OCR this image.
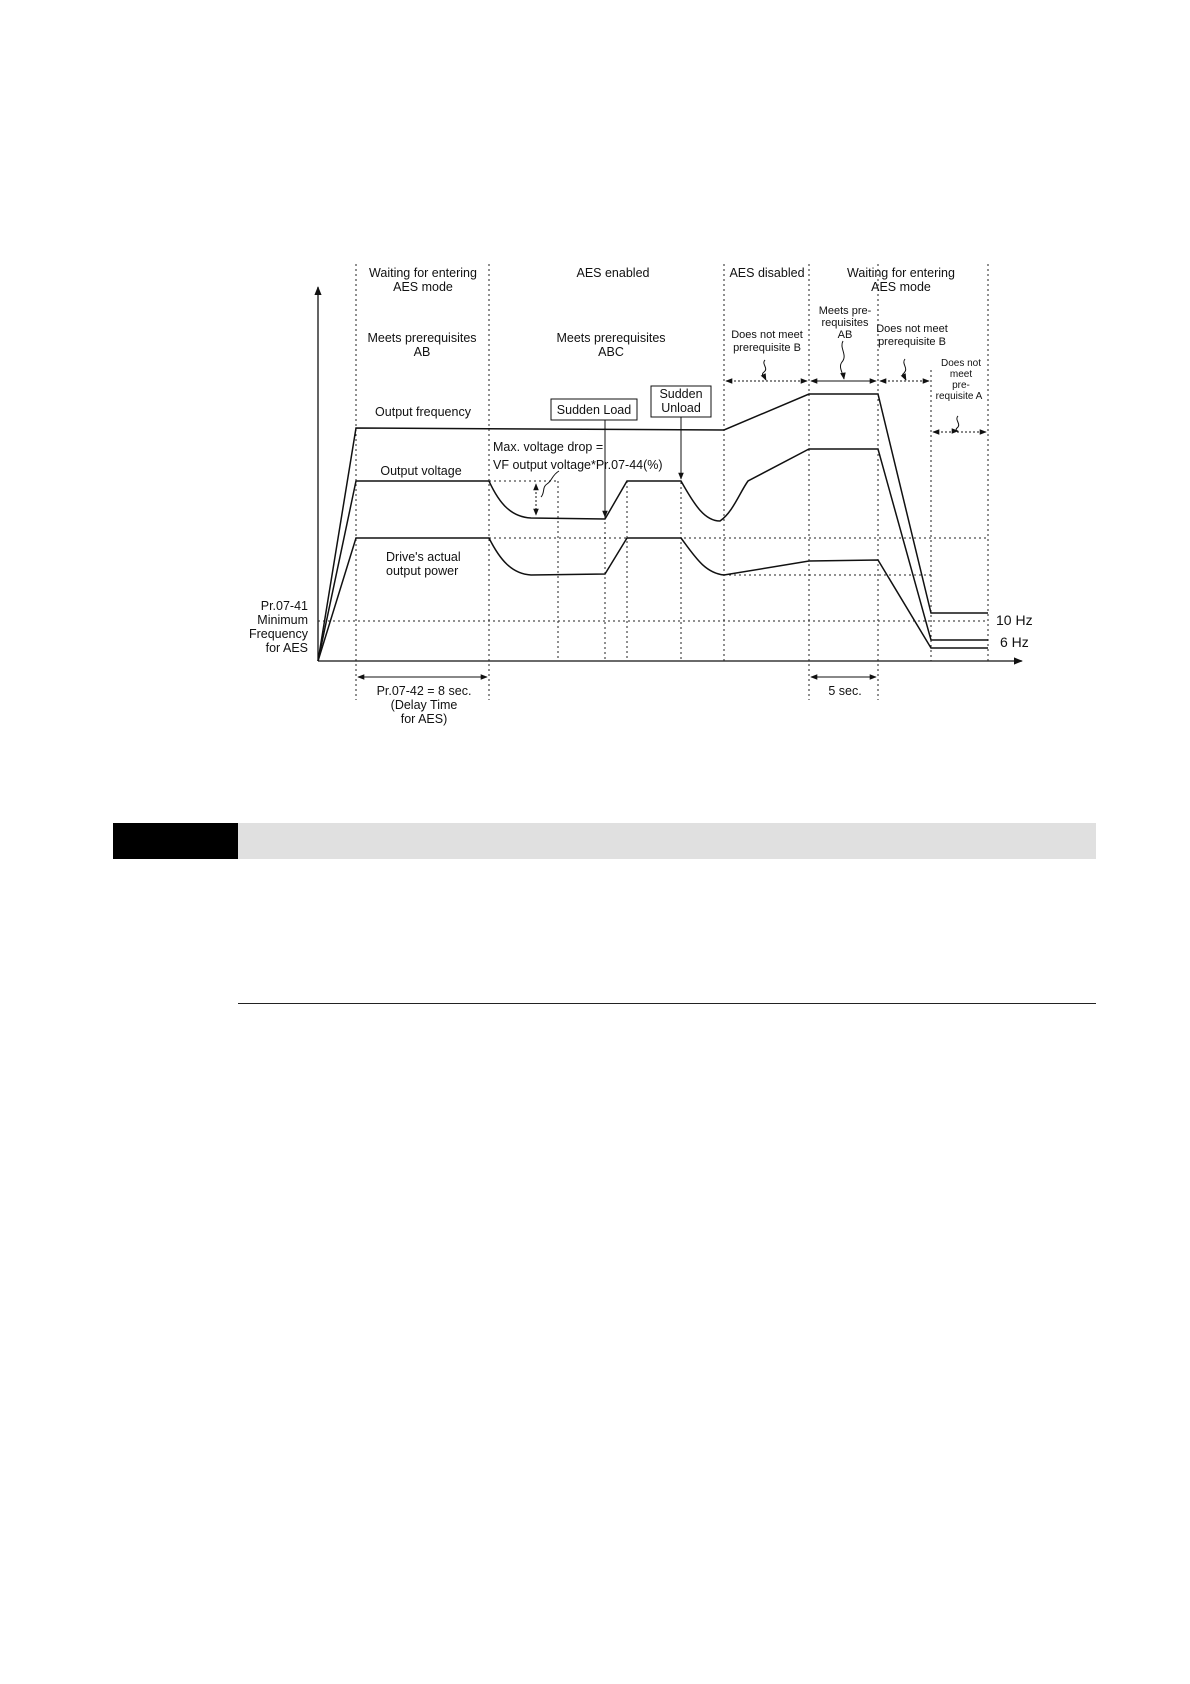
Waiting for entering
AES mode
AES enabled	AES disabled	Waiting for entering
AES mode
Meets prerequisites
AB
Meets prerequisites
ABC
Does not meet
prerequisite B
Meets pre-
requisites
AB Does not meet
prerequisite B
Does not
meet
pre-
requisite A
Output frequency
Output voltage
Drive's actual
output power
Sudden Load
Sudden
Unload
Max. voltage drop =
VF output voltage*Pr.07-44(%)
Pr.07-41
Minimum
Frequency
for AES
10 Hz
6 Hz
Pr.07-42 = 8 sec.
(Delay Time
for AES)
5 sec.
